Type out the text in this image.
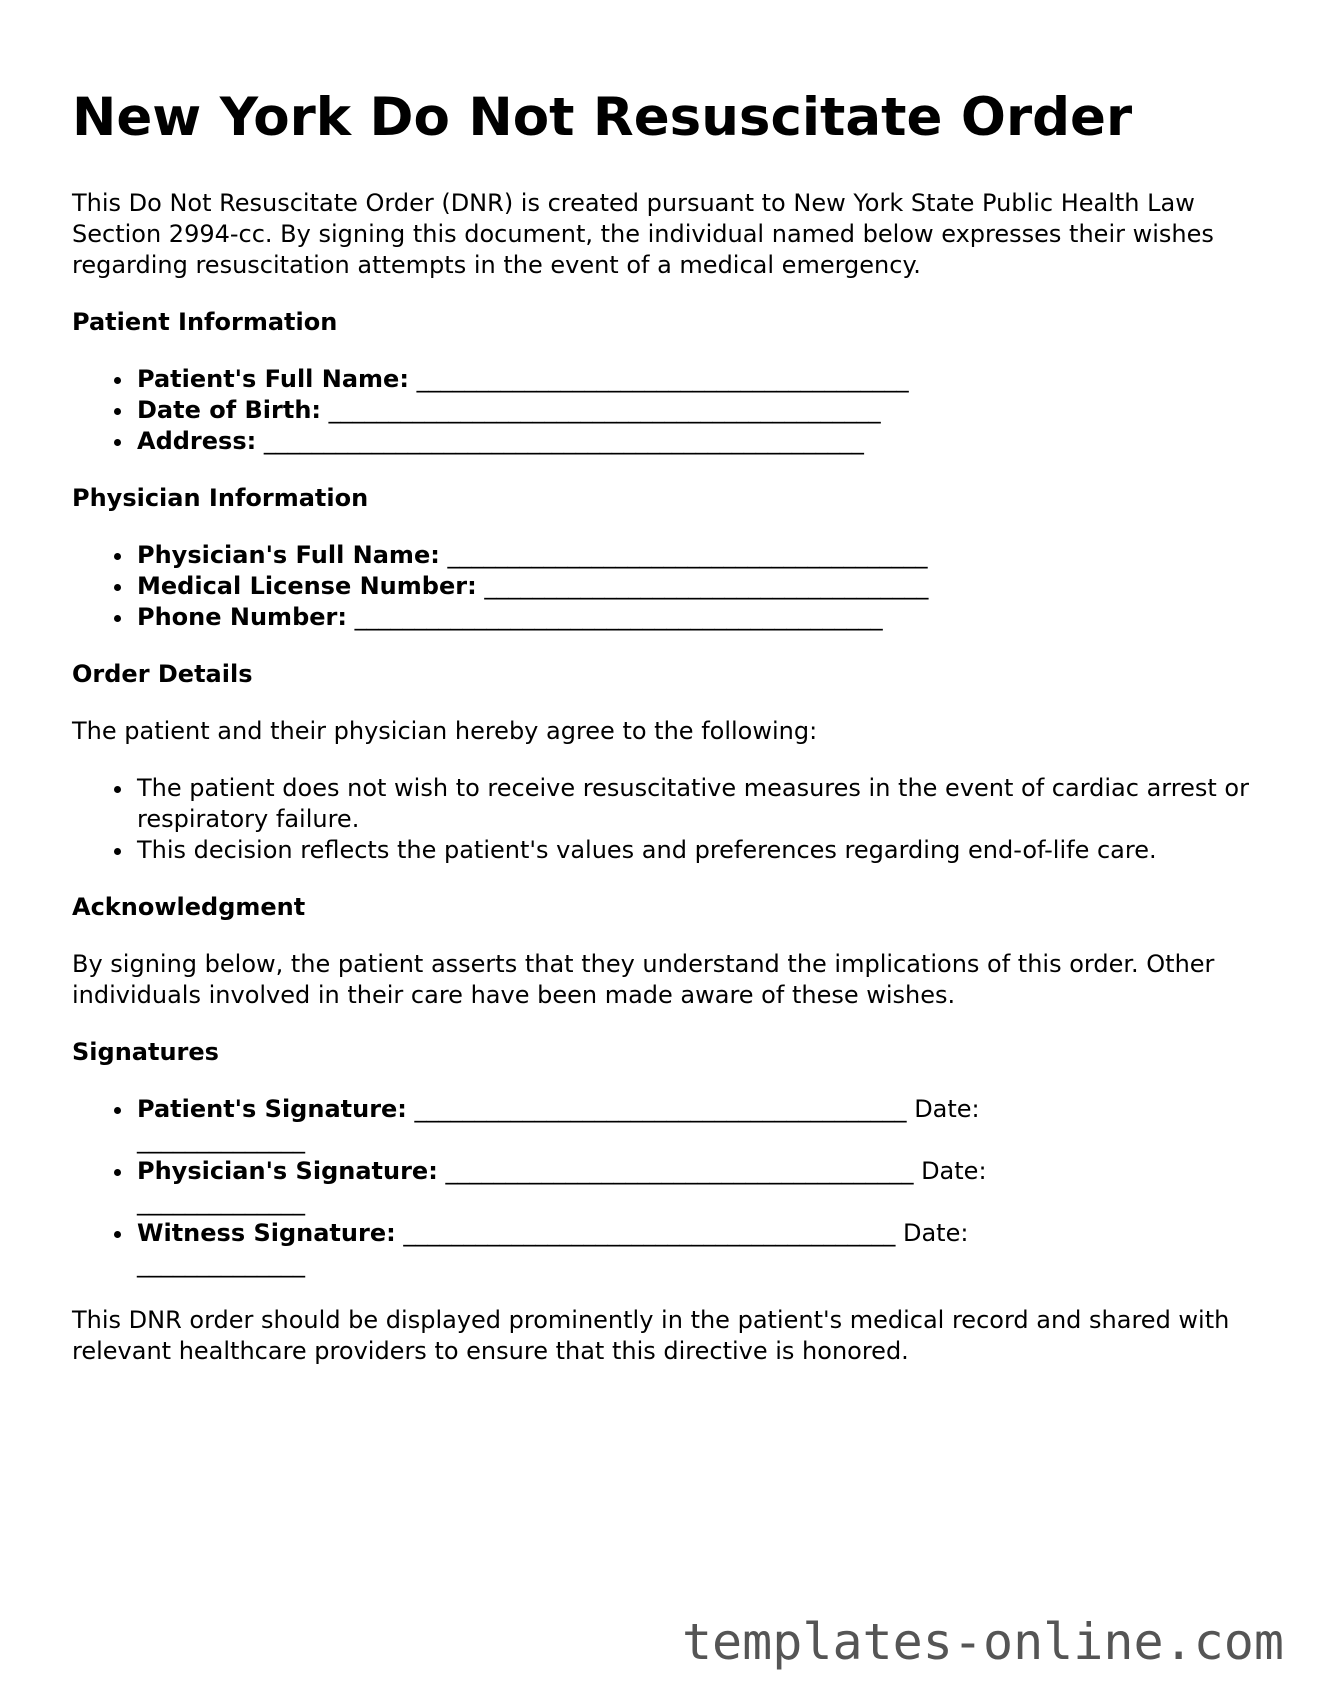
New York Do Not Resuscitate Order

This Do Not Resuscitate Order (DNR) is created pursuant to New York State Public Health Law Section 2994-cc. By signing this document, the individual named below expresses their wishes regarding resuscitation attempts in the event of a medical emergency.

Patient Information
Patient's Full Name: _________________________________________
Date of Birth: ______________________________________________
Address: __________________________________________________
Physician Information
Physician's Full Name: ________________________________________
Medical License Number: _____________________________________
Phone Number: ____________________________________________
Order Details

The patient and their physician hereby agree to the following:

The patient does not wish to receive resuscitative measures in the event of cardiac arrest or respiratory failure.
This decision reflects the patient's values and preferences regarding end-of-life care.
Acknowledgment

By signing below, the patient asserts that they understand the implications of this order. Other individuals involved in their care have been made aware of these wishes.

Signatures
Patient's Signature: _________________________________________ Date:
______________
Physician's Signature: _______________________________________ Date:
______________
Witness Signature: _________________________________________ Date:
______________

This DNR order should be displayed prominently in the patient's medical record and shared with relevant healthcare providers to ensure that this directive is honored.

templates-online.com
